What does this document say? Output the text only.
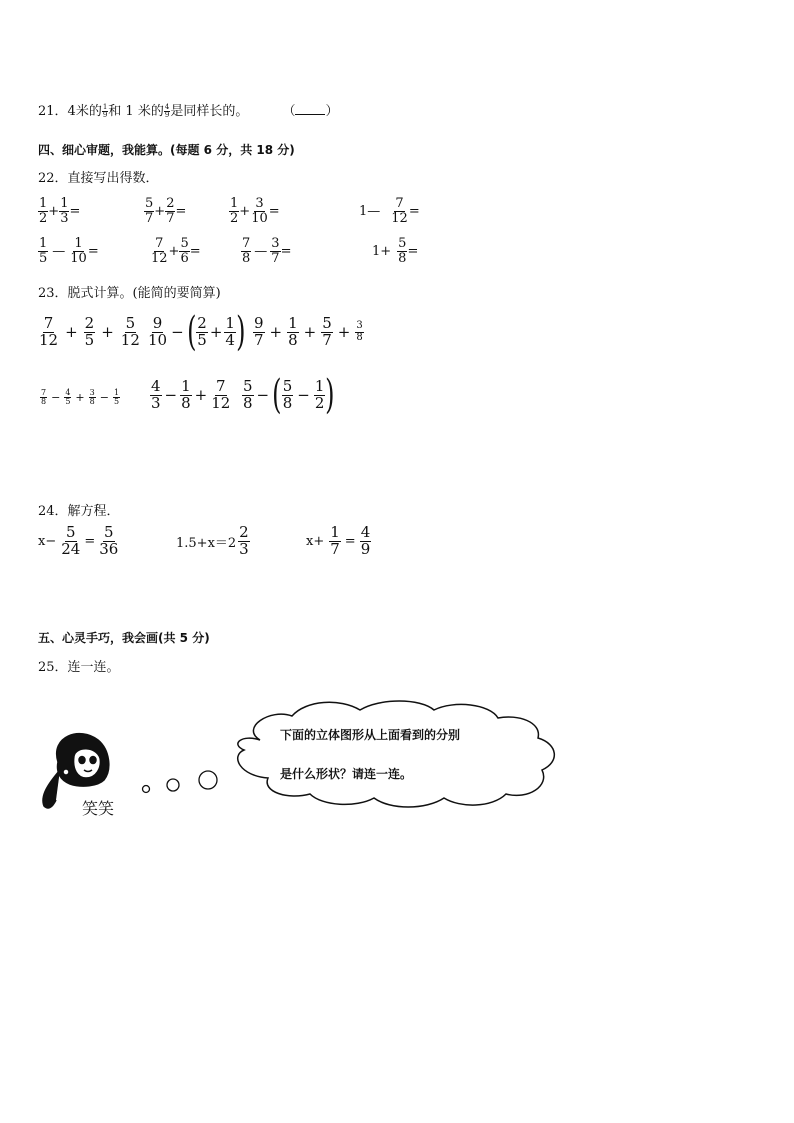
21．4米的 $\frac{1}{9}$ 和 1 米的 $\frac{4}{9}$ 是同样长的。	（ ）
四、细心审题，我能算。(每题 6 分，共 18 分)
22．直接写出得数．
$\frac{1}{2} + \frac{1}{3}$ =	$\frac{5}{7} + \frac{2}{7}$ =	$\frac{1}{2} + \frac{3}{10}$ =	1— $\frac{7}{12}$ =
$\frac{1}{5}$ — $\frac{1}{10}$ =	$\frac{7}{12} + \frac{5}{6}$ =	$\frac{7}{8}$ — $\frac{3}{7}$ =	$1+ \frac{5}{8}$ =
23．脱式计算。(能简的要简算)
$\frac{7}{12} + \frac{2}{5} + \frac{5}{12} \frac{9}{10}$ −( $\frac{2}{5} + \frac{1}{4}$ ) $\frac{9}{7} + \frac{1}{8} + \frac{5}{7} + \frac{3}{8}$
$\frac{7}{8} - \frac{4}{5} + \frac{3}{8} - \frac{1}{5} \frac{4}{3} - \frac{1}{8} + \frac{7}{12} \frac{5}{8}$ −( $\frac{5}{8} - \frac{1}{2}$ )
24．解方程．
$x- \frac{5}{24} = \frac{5}{36}$	$1.5+x=2 \frac{2}{3}$	$x+ \frac{1}{7} = \frac{4}{9}$
五、心灵手巧，我会画(共 5 分)
25．连一连。
下面的立体图形从上面看到的分别
是什么形状？请连一连。
笑笑
